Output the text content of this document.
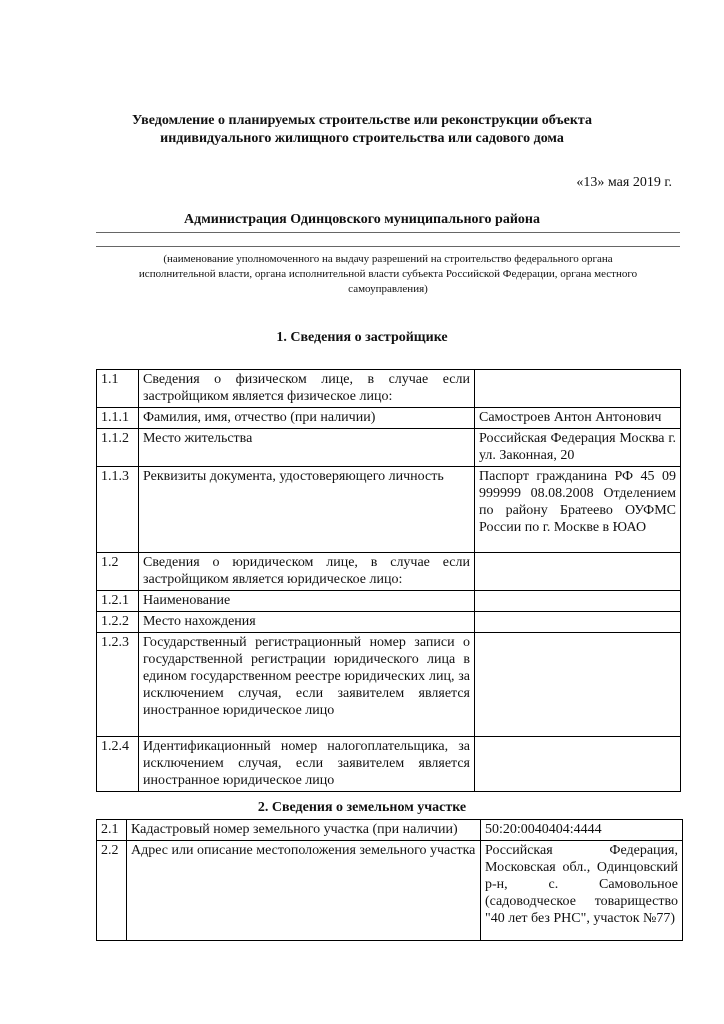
Уведомление о планируемых строительстве или реконструкции объекта
индивидуального жилищного строительства или садового дома
«13» мая 2019 г.
Администрация Одинцовского муниципального района
(наименование уполномоченного на выдачу разрешений на строительство федерального органа
исполнительной власти, органа исполнительной власти субъекта Российской Федерации, органа местного
самоуправления)
1. Сведения о застройщике
1.1	Сведения о физическом лице, в случае если застройщиком является физическое лицо:	
1.1.1	Фамилия, имя, отчество (при наличии)	Самостроев Антон Антонович
1.1.2	Место жительства	Российская Федерация Москва г. ул. Законная, 20
1.1.3	Реквизиты документа, удостоверяющего личность	Паспорт гражданина РФ 45 09 999999 08.08.2008 Отделением по району Братеево ОУФМС России по г. Москве в ЮАО
1.2	Сведения о юридическом лице, в случае если застройщиком является юридическое лицо:	
1.2.1	Наименование	
1.2.2	Место нахождения	
1.2.3	Государственный регистрационный номер записи о государственной регистрации юридического лица в едином государственном реестре юридических лиц, за исключением случая, если заявителем является иностранное юридическое лицо	
1.2.4	Идентификационный номер налогоплательщика, за исключением случая, если заявителем является иностранное юридическое лицо	
2. Сведения о земельном участке
2.1	Кадастровый номер земельного участка (при наличии)	50:20:0040404:4444
2.2	Адрес или описание местоположения земельного участка	Российская Федерация, Московская обл., Одинцовский р-н, с. Самовольное (садоводческое товарищество "40 лет без РНС", участок №77)
